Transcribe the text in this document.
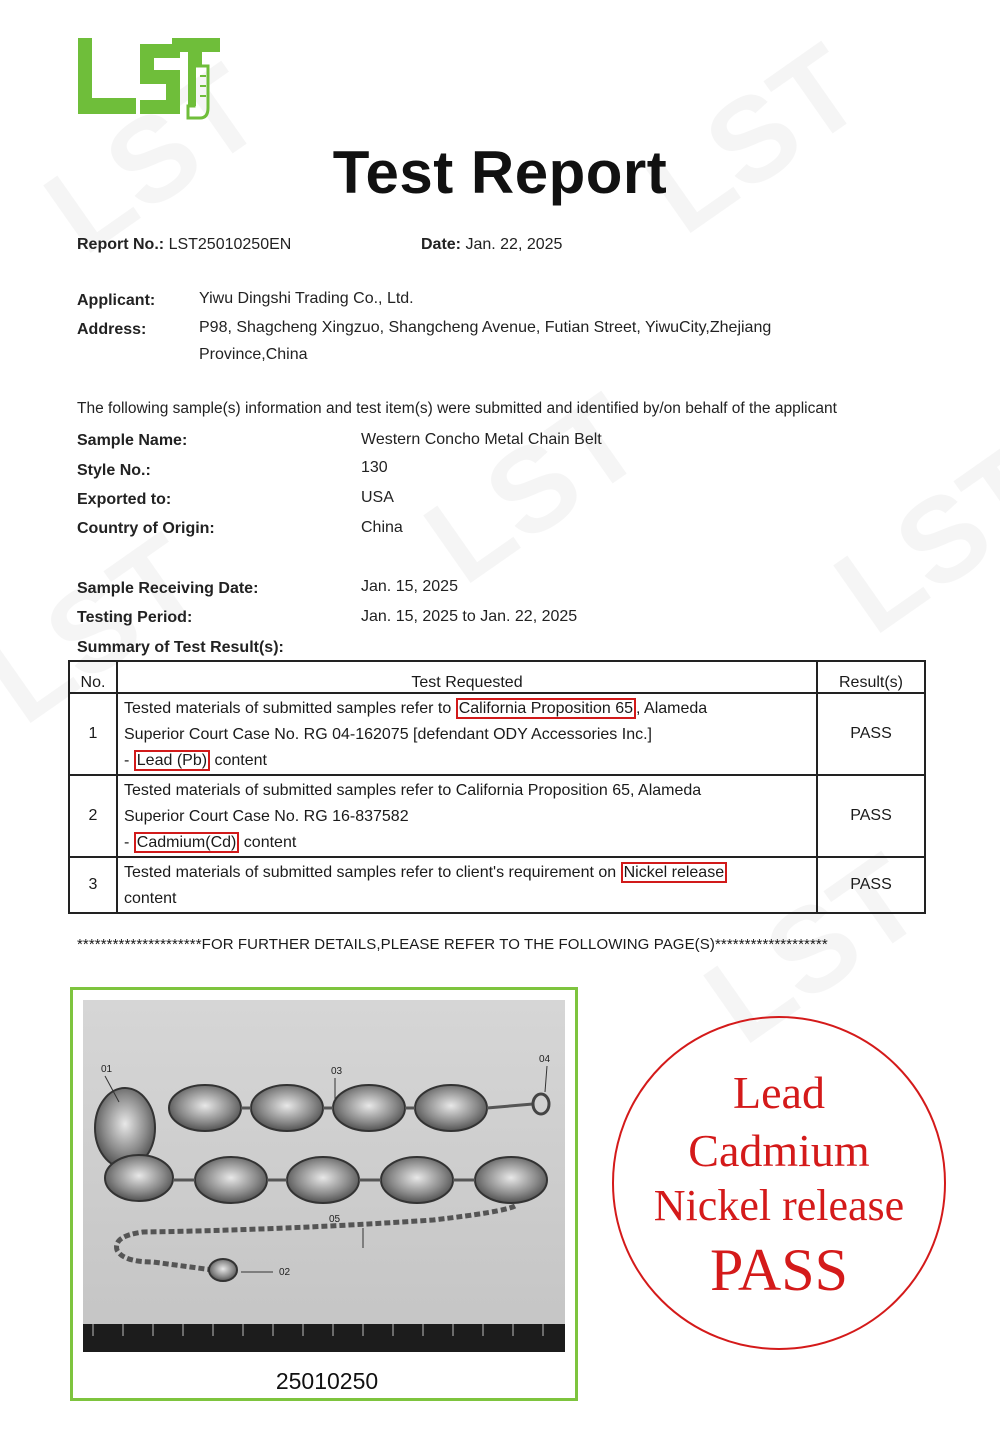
Test Report
Report No.: LST25010250EN	Date: Jan. 22, 2025
Applicant:	Yiwu Dingshi Trading Co., Ltd.
Address:	P98, Shagcheng Xingzuo, Shangcheng Avenue, Futian Street, YiwuCity,Zhejiang
Province,China
The following sample(s) information and test item(s) were submitted and identified by/on behalf of the applicant
Sample Name:	Western Concho Metal Chain Belt
Style No.:	130
Exported to:	USA
Country of Origin:	China
Sample Receiving Date:	Jan. 15, 2025
Testing Period:	Jan. 15, 2025 to Jan. 22, 2025
Summary of Test Result(s):
No.	Test Requested	Result(s)
1	Tested materials of submitted samples refer to California Proposition 65 , Alameda
Superior Court Case No. RG 04-162075 [defendant ODY Accessories Inc.]
- Lead (Pb) content	PASS
2	Tested materials of submitted samples refer to California Proposition 65, Alameda
Superior Court Case No. RG 16-837582
- Cadmium(Cd) content	PASS
3	Tested materials of submitted samples refer to client's requirement on Nickel release
content	PASS
*********************FOR FURTHER DETAILS,PLEASE REFER TO THE FOLLOWING PAGE(S)*******************
01	03
04
05
02
25010250
Lead
Cadmium
Nickel release
PASS
